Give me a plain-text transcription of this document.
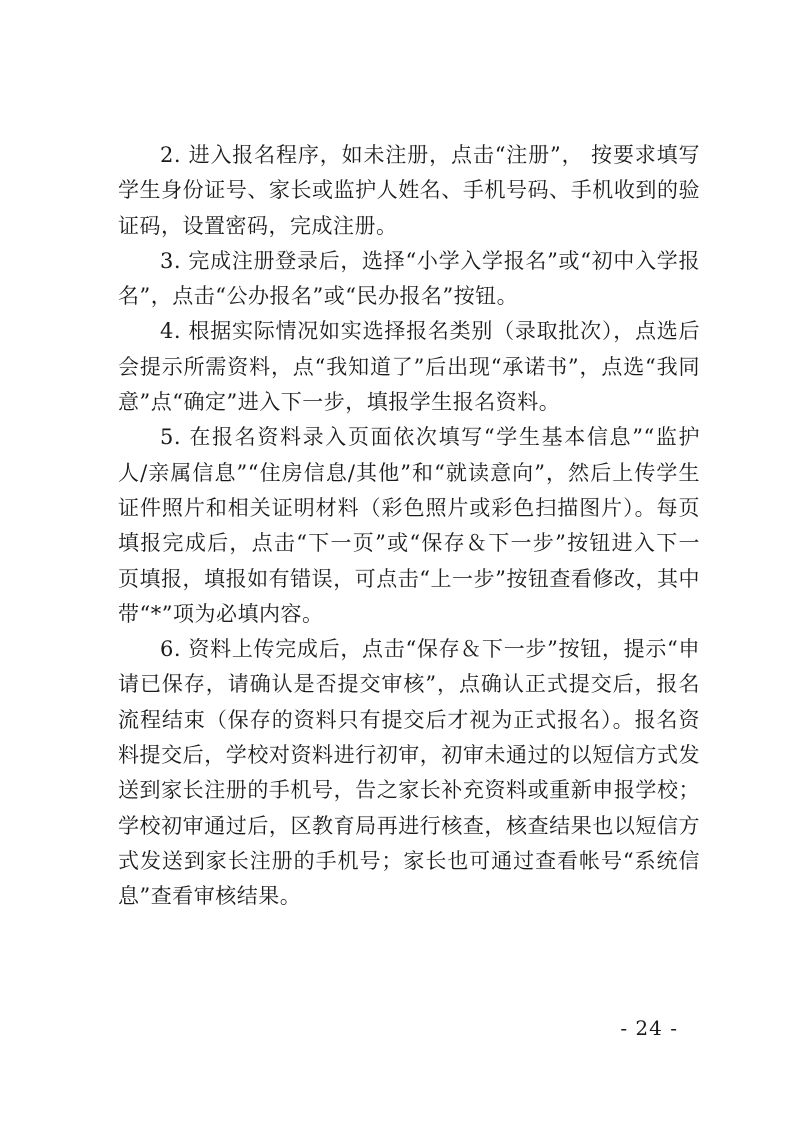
2. 进入报名程序，如未注册，点击“注册”， 按要求填写学生身份证号、家长或监护人姓名、手机号码、手机收到的验证码，设置密码，完成注册。

3. 完成注册登录后，选择“小学入学报名”或“初中入学报名”，点击“公办报名”或“民办报名”按钮。

4. 根据实际情况如实选择报名类别（录取批次），点选后会提示所需资料，点“我知道了”后出现“承诺书”，点选“我同意”点“确定”进入下一步，填报学生报名资料。

5. 在报名资料录入页面依次填写“学生基本信息”“监护人/亲属信息”“住房信息/其他”和“就读意向”，然后上传学生证件照片和相关证明材料（彩色照片或彩色扫描图片）。每页填报完成后，点击“下一页”或“保存＆下一步”按钮进入下一页填报，填报如有错误，可点击“上一步”按钮查看修改，其中带“*”项为必填内容。

6. 资料上传完成后，点击“保存＆下一步”按钮，提示“申请已保存，请确认是否提交审核”，点确认正式提交后，报名流程结束（保存的资料只有提交后才视为正式报名）。报名资料提交后，学校对资料进行初审，初审未通过的以短信方式发送到家长注册的手机号，告之家长补充资料或重新申报学校；学校初审通过后，区教育局再进行核查，核查结果也以短信方式发送到家长注册的手机号；家长也可通过查看帐号“系统信息”查看审核结果。

- 24 -
